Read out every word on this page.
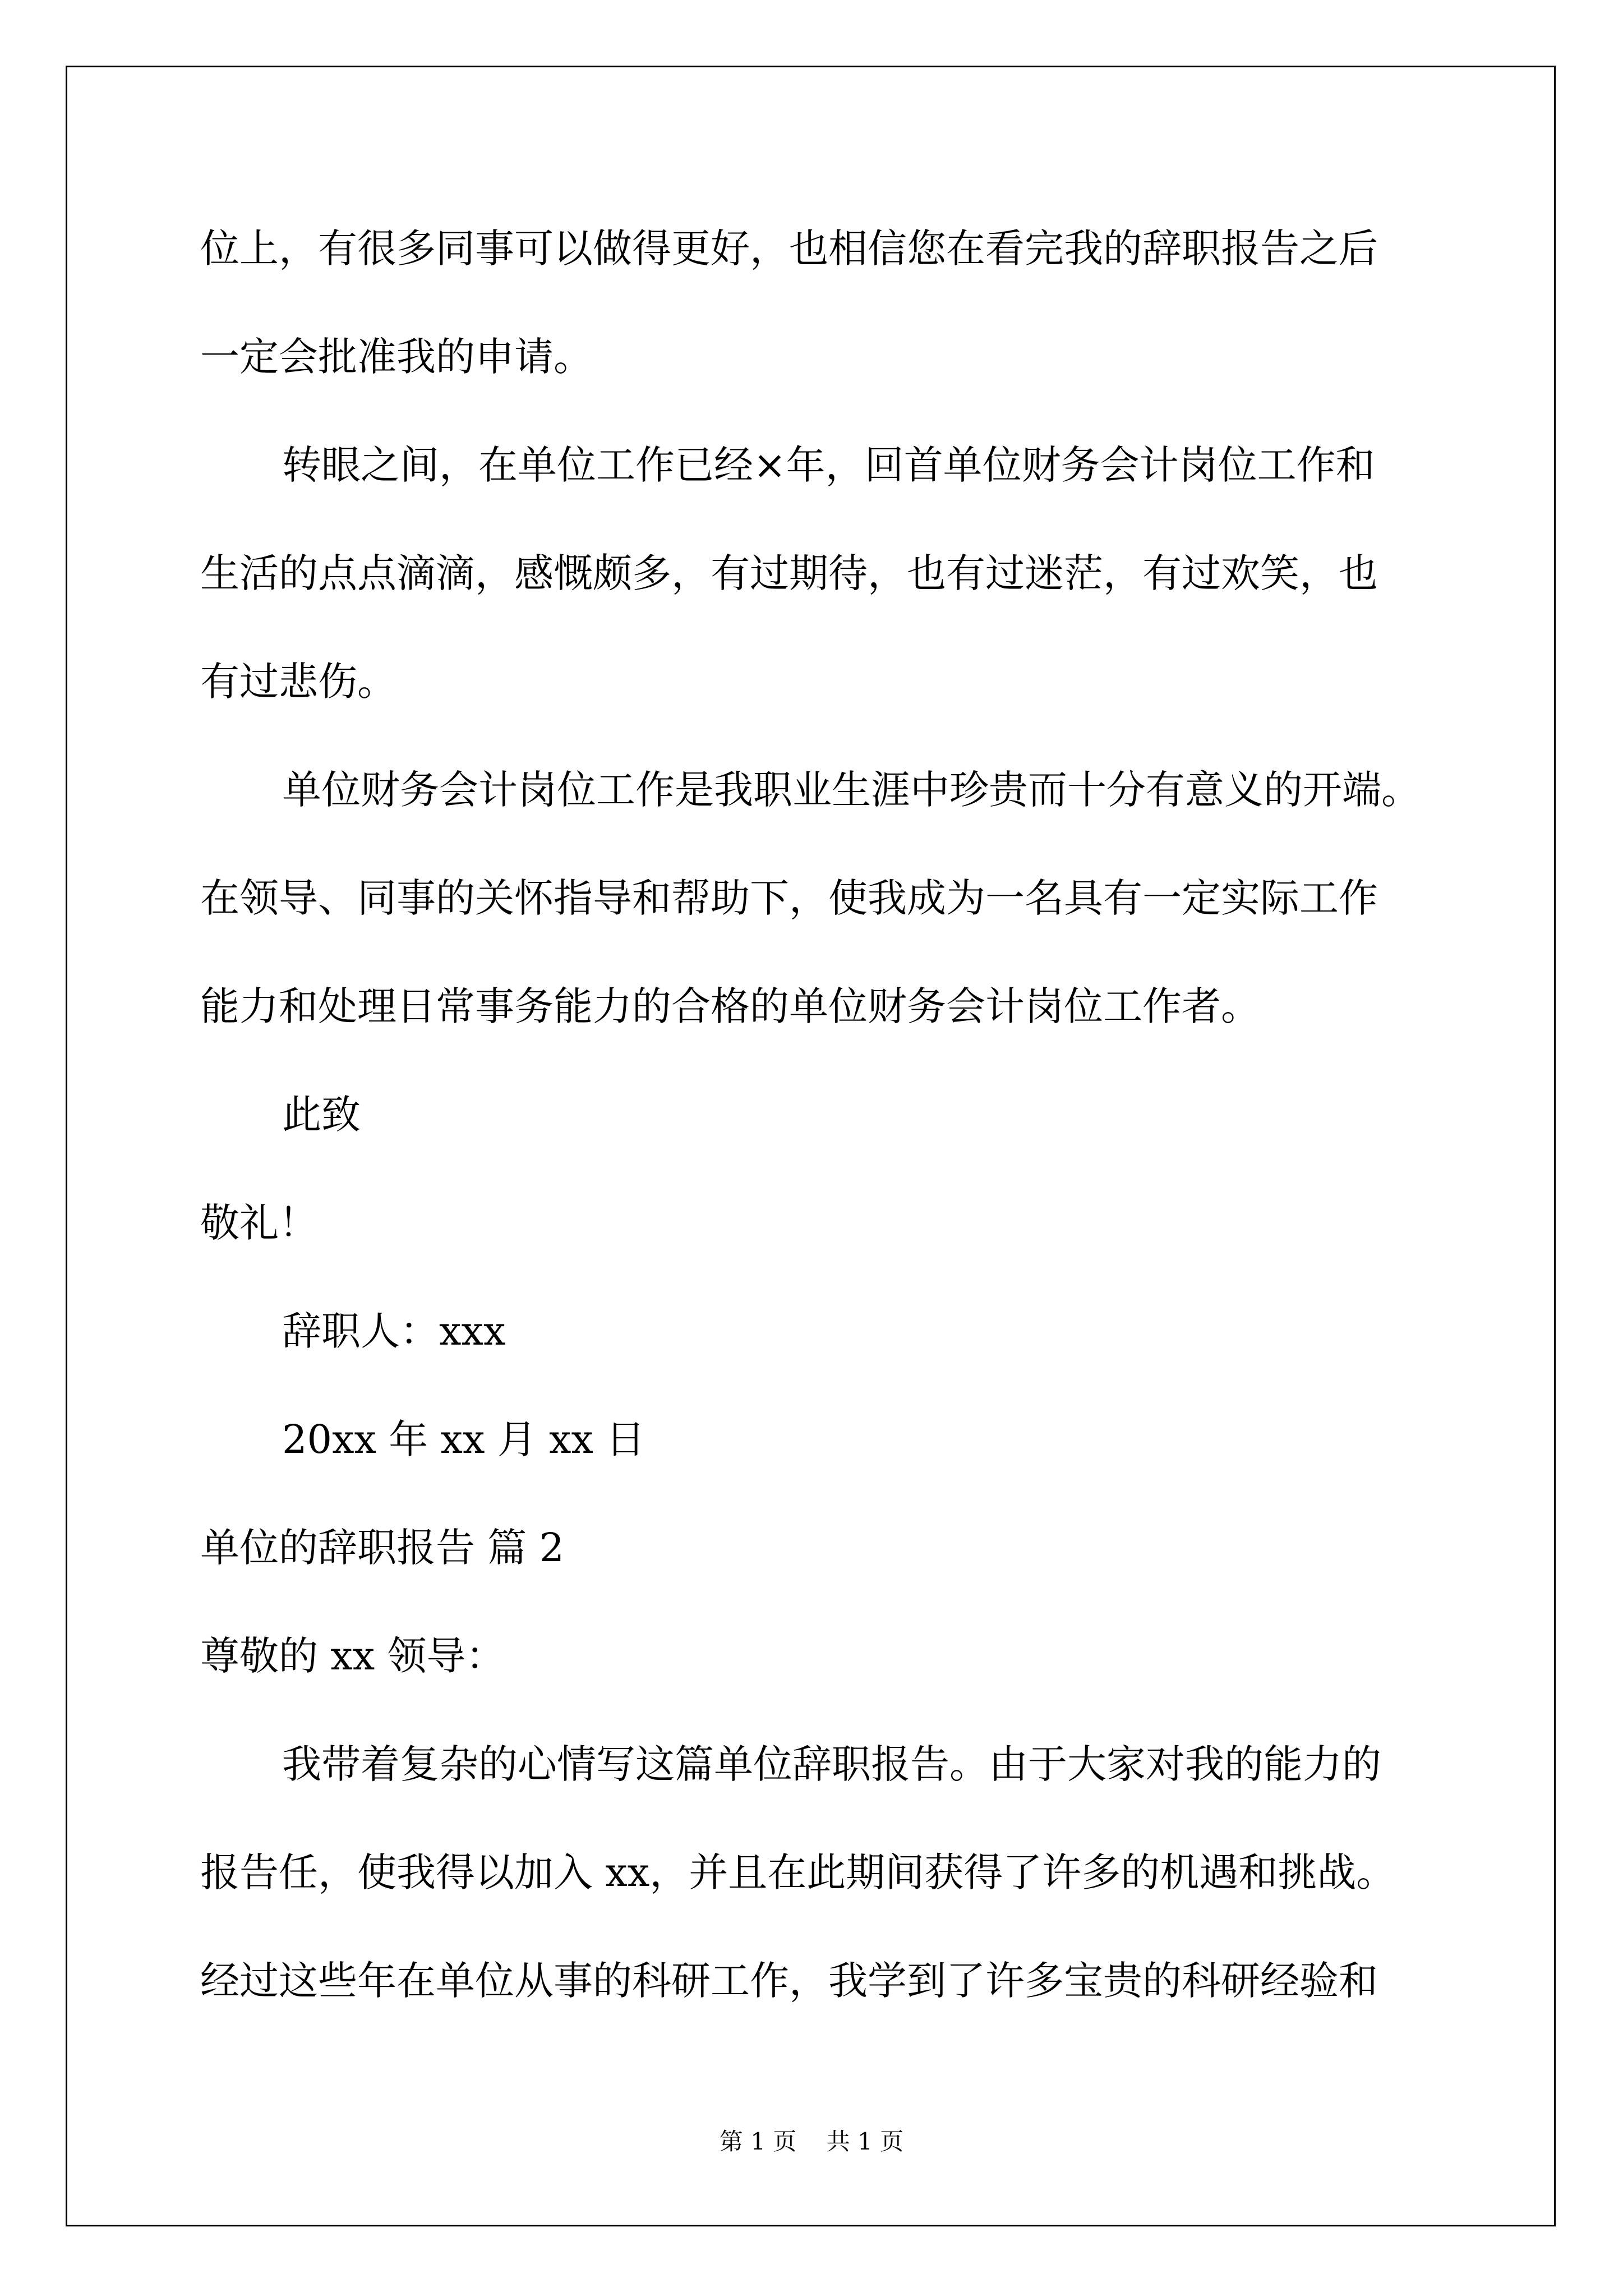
位上，有很多同事可以做得更好，也相信您在看完我的辞职报告之后
一定会批准我的申请。
转眼之间，在单位工作已经×年，回首单位财务会计岗位工作和
生活的点点滴滴，感慨颇多，有过期待，也有过迷茫，有过欢笑，也
有过悲伤。
单位财务会计岗位工作是我职业生涯中珍贵而十分有意义的开端。
在领导、同事的关怀指导和帮助下，使我成为一名具有一定实际工作
能力和处理日常事务能力的合格的单位财务会计岗位工作者。
此致
敬礼！
辞职人：xxx
20xx 年 xx 月 xx 日
单位的辞职报告 篇 2
尊敬的 xx 领导：
我带着复杂的心情写这篇单位辞职报告。由于大家对我的能力的
报告任，使我得以加入 xx，并且在此期间获得了许多的机遇和挑战。
经过这些年在单位从事的科研工作，我学到了许多宝贵的科研经验和
第 1 页    共 1 页
